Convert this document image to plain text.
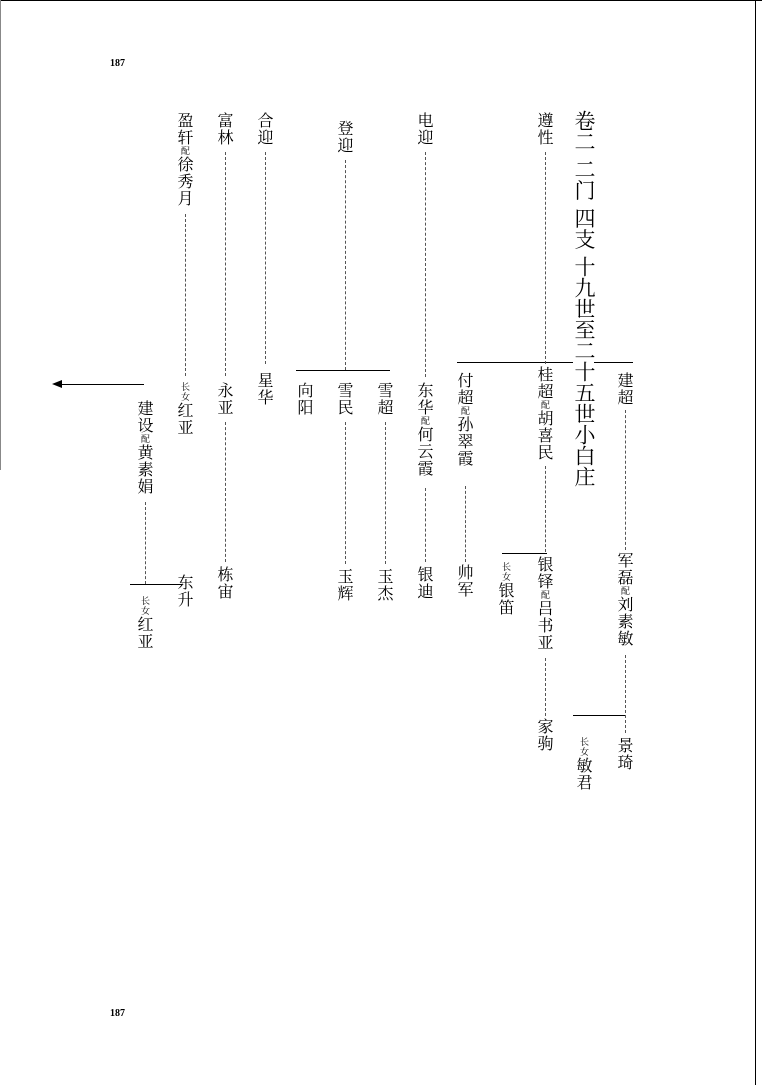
187
187
卷二 二门 四支 十九世至二十五世小白庄 建超
军磊配刘素敏
景琦
长女敏君
遵性
桂超配胡喜民
银铎配吕书亚
家驹
长女银笛
付超配孙翠霞
帅军
电迎
东华配何云霞
银迪
登迎
雪超
玉杰
雪民
玉辉
向阳
合迎
星华
富林
永亚
栋宙
盈轩配徐秀月
长女红亚
东升
建设配黄素娟
长女红亚
